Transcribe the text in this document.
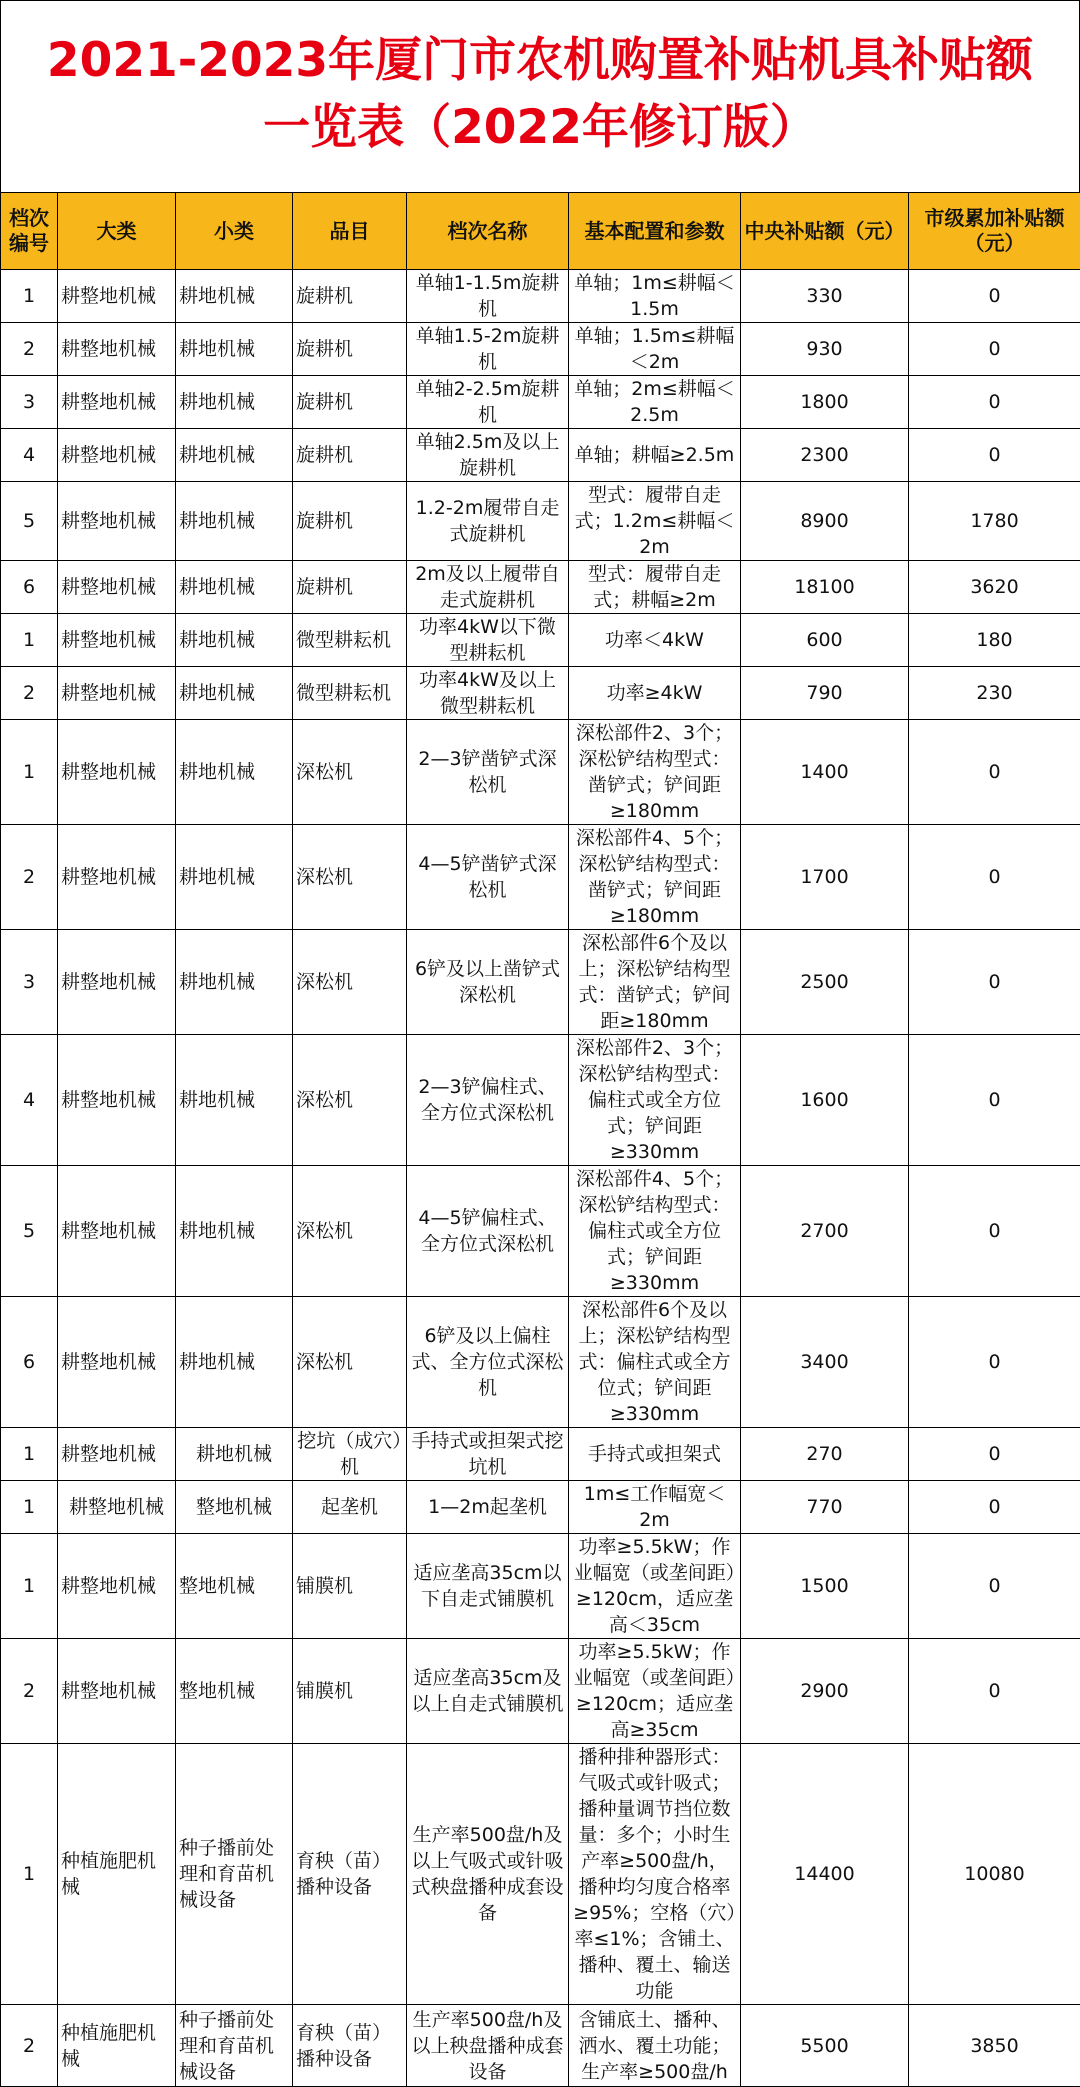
2021-2023年厦门市农机购置补贴机具补贴额
一览表（2022年修订版）
档次编号	大类	小类	品目	档次名称	基本配置和参数	中央补贴额（元）	市级累加补贴额（元）
1	耕整地机械	耕地机械	旋耕机	单轴1-1.5m旋耕机	单轴；1m≤耕幅＜1.5m	330	0
2	耕整地机械	耕地机械	旋耕机	单轴1.5-2m旋耕机	单轴；1.5m≤耕幅＜2m	930	0
3	耕整地机械	耕地机械	旋耕机	单轴2-2.5m旋耕机	单轴；2m≤耕幅＜2.5m	1800	0
4	耕整地机械	耕地机械	旋耕机	单轴2.5m及以上旋耕机	单轴；耕幅≥2.5m	2300	0
5	耕整地机械	耕地机械	旋耕机	1.2-2m履带自走式旋耕机	型式：履带自走式；1.2m≤耕幅＜2m	8900	1780
6	耕整地机械	耕地机械	旋耕机	2m及以上履带自走式旋耕机	型式：履带自走式；耕幅≥2m	18100	3620
1	耕整地机械	耕地机械	微型耕耘机	功率4kW以下微型耕耘机	功率＜4kW	600	180
2	耕整地机械	耕地机械	微型耕耘机	功率4kW及以上微型耕耘机	功率≥4kW	790	230
1	耕整地机械	耕地机械	深松机	2—3铲凿铲式深松机	深松部件2、3个；深松铲结构型式：凿铲式；铲间距≥180mm	1400	0
2	耕整地机械	耕地机械	深松机	4—5铲凿铲式深松机	深松部件4、5个；深松铲结构型式：凿铲式；铲间距≥180mm	1700	0
3	耕整地机械	耕地机械	深松机	6铲及以上凿铲式深松机	深松部件6个及以上；深松铲结构型式：凿铲式；铲间距≥180mm	2500	0
4	耕整地机械	耕地机械	深松机	2—3铲偏柱式、全方位式深松机	深松部件2、3个；深松铲结构型式：偏柱式或全方位式；铲间距≥330mm	1600	0
5	耕整地机械	耕地机械	深松机	4—5铲偏柱式、全方位式深松机	深松部件4、5个；深松铲结构型式：偏柱式或全方位式；铲间距≥330mm	2700	0
6	耕整地机械	耕地机械	深松机	6铲及以上偏柱式、全方位式深松机	深松部件6个及以上；深松铲结构型式：偏柱式或全方位式；铲间距≥330mm	3400	0
1	耕整地机械	耕地机械	挖坑（成穴）机	手持式或担架式挖坑机	手持式或担架式	270	0
1	耕整地机械	整地机械	起垄机	1—2m起垄机	1m≤工作幅宽＜2m	770	0
1	耕整地机械	整地机械	铺膜机	适应垄高35cm以下自走式铺膜机	功率≥5.5kW；作业幅宽（或垄间距）≥120cm，适应垄高＜35cm	1500	0
2	耕整地机械	整地机械	铺膜机	适应垄高35cm及以上自走式铺膜机	功率≥5.5kW；作业幅宽（或垄间距）≥120cm；适应垄高≥35cm	2900	0
1	种植施肥机械	种子播前处理和育苗机械设备	育秧（苗）播种设备	生产率500盘/h及以上气吸式或针吸式秧盘播种成套设备	播种排种器形式：气吸式或针吸式；播种量调节挡位数量：多个；小时生产率≥500盘/h，播种均匀度合格率≥95%；空格（穴）率≤1%；含铺土、播种、覆土、输送功能	14400	10080
2	种植施肥机械	种子播前处理和育苗机械设备	育秧（苗）播种设备	生产率500盘/h及以上秧盘播种成套设备	含铺底土、播种、洒水、覆土功能；生产率≥500盘/h	5500	3850
